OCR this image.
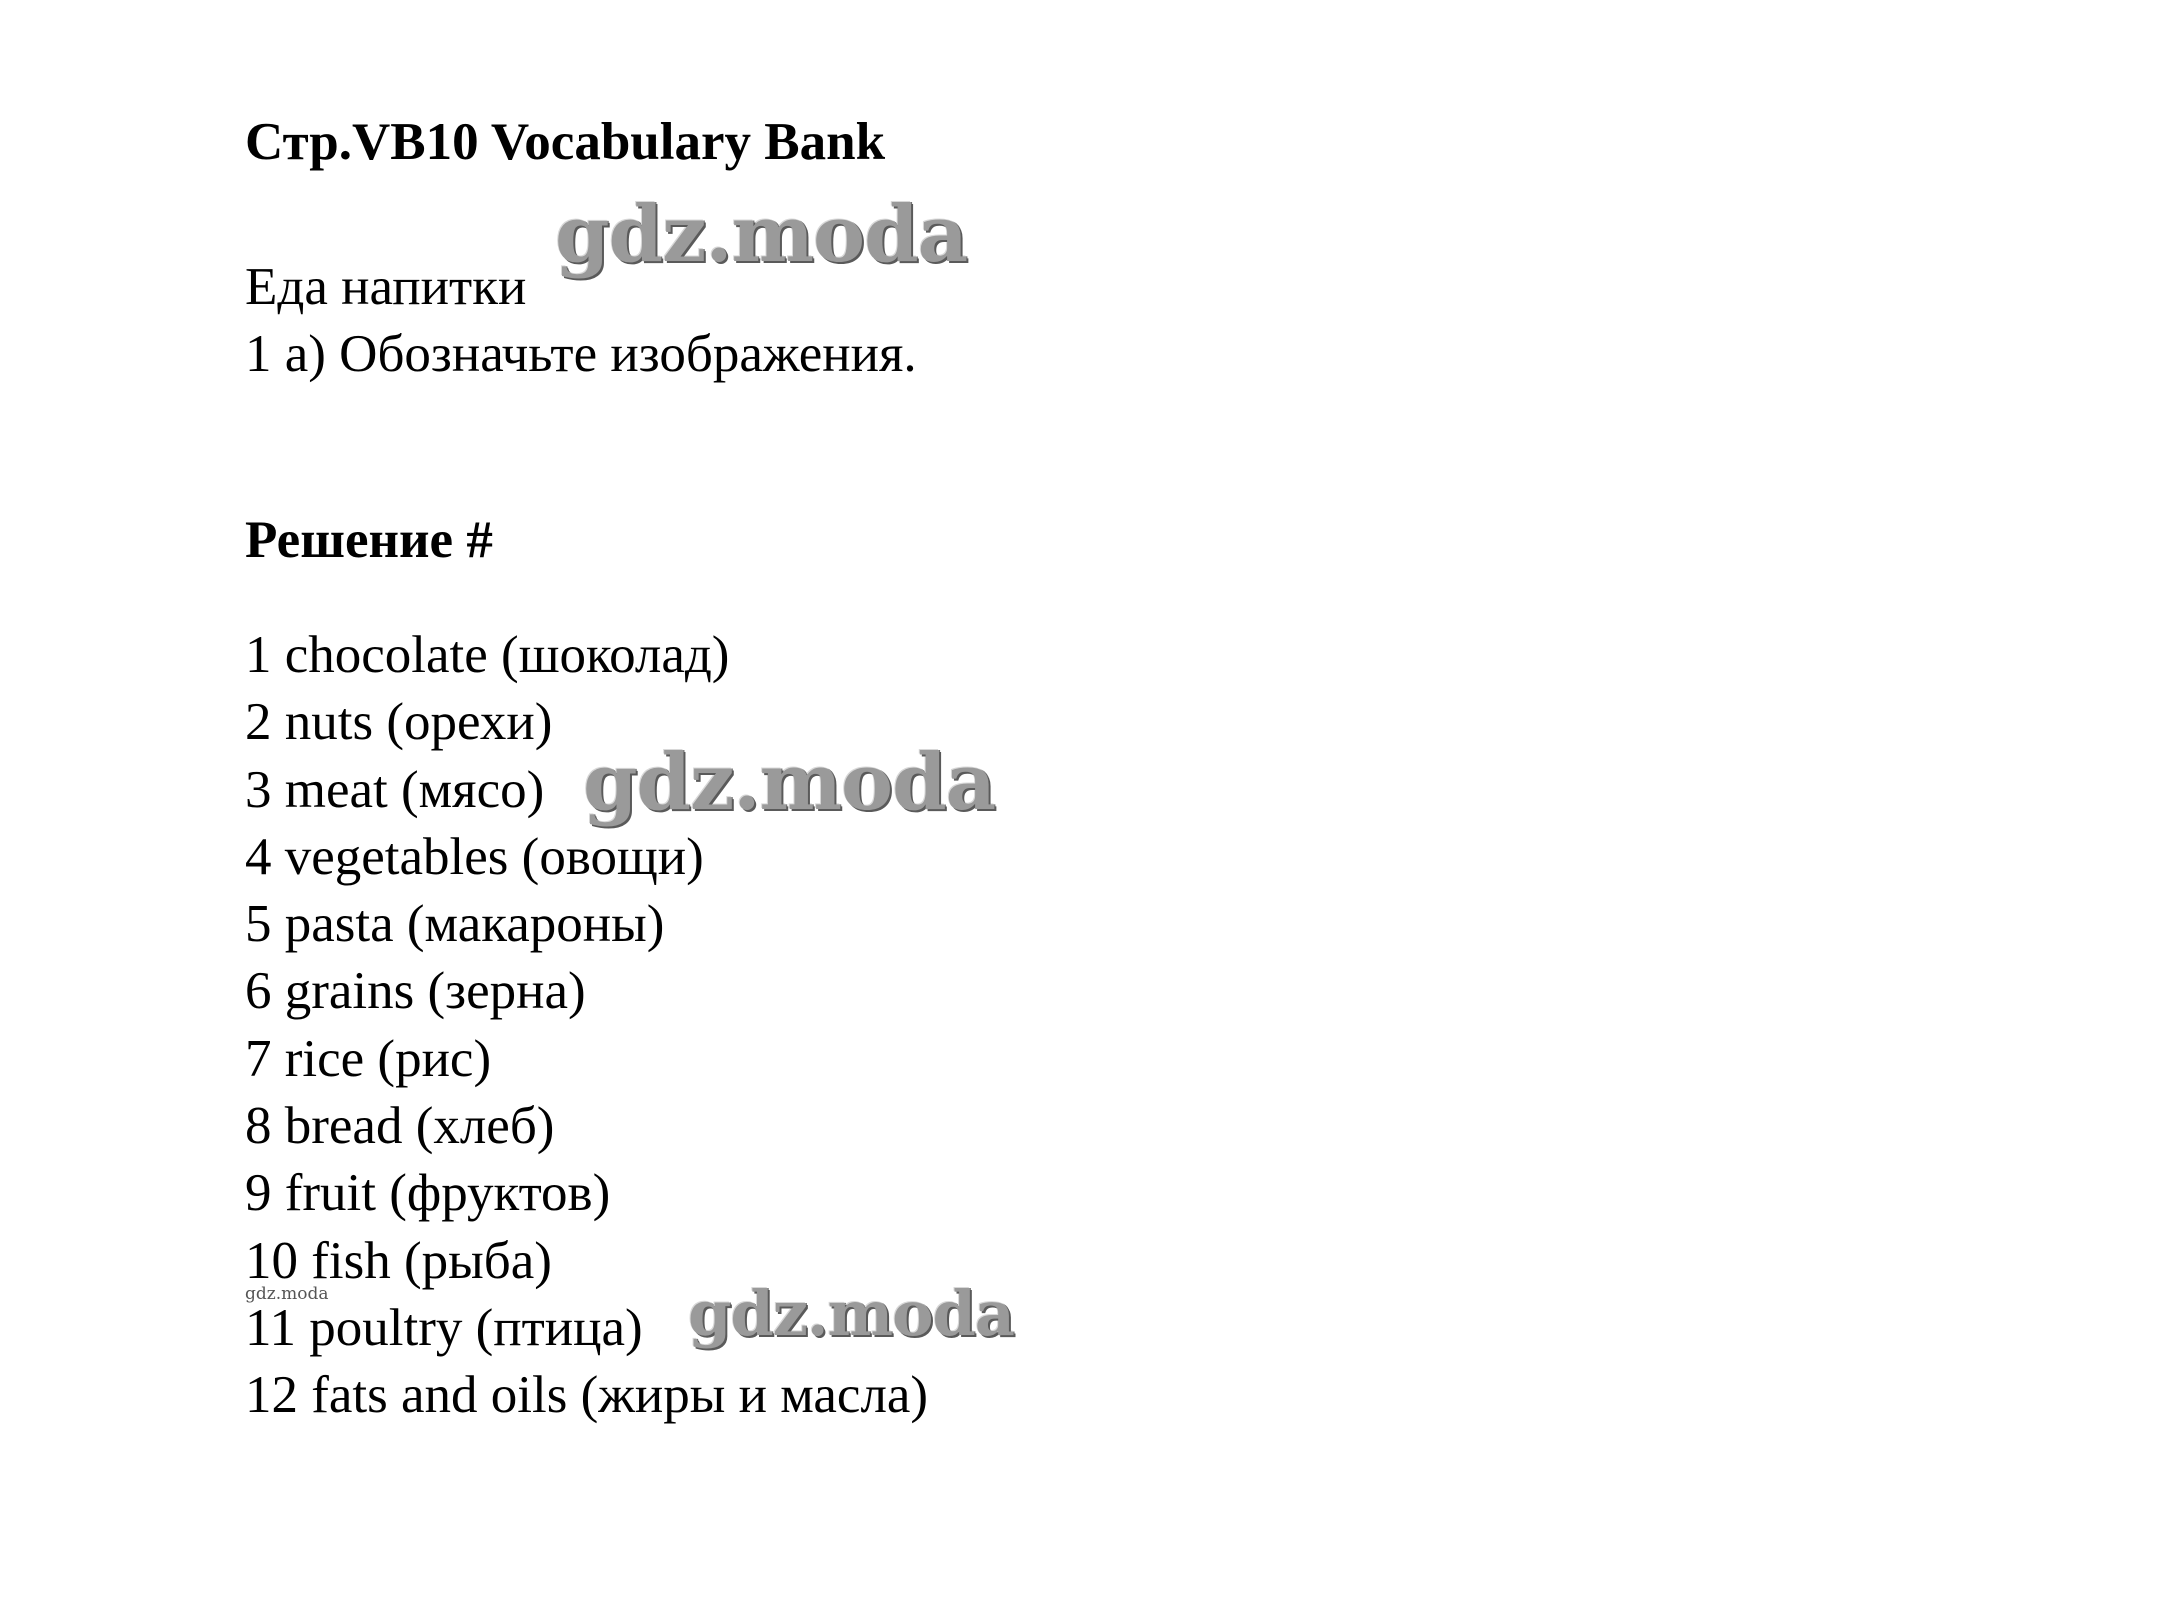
Стр.VB10 Vocabulary Bank
gdz.moda
Еда напитки
1 а) Обозначьте изображения.
Решение #
1 chocolate (шоколад)
2 nuts (орехи)
3 meat (мясо)
4 vegetables (овощи)
5 pasta (макароны)
6 grains (зерна)
7 rice (рис)
8 bread (хлеб)
9 fruit (фруктов)
10 fish (рыба)
11 poultry (птица)
12 fats and oils (жиры и масла)
gdz.moda
gdz.moda	gdz.moda
